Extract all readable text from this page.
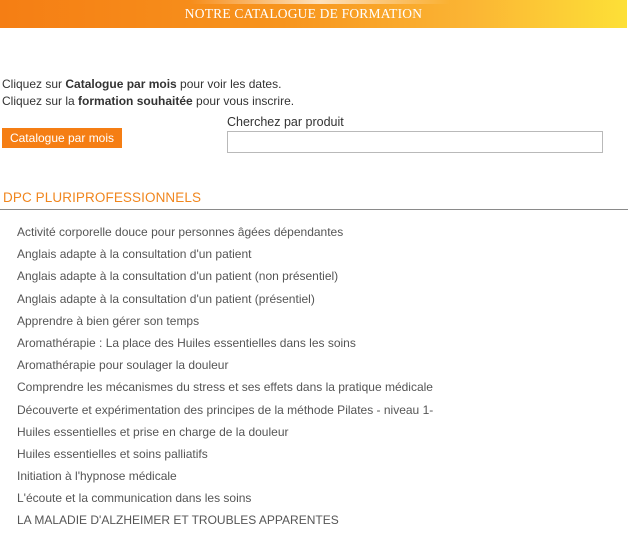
NOTRE CATALOGUE DE FORMATION
Cliquez sur Catalogue par mois pour voir les dates.
Cliquez sur la formation souhaitée pour vous inscrire.
Catalogue par mois
Cherchez par produit
DPC PLURIPROFESSIONNELS
Activité corporelle douce pour personnes âgées dépendantes
Anglais adapte à la consultation d'un patient
Anglais adapte à la consultation d'un patient (non présentiel)
Anglais adapte à la consultation d'un patient (présentiel)
Apprendre à bien gérer son temps
Aromathérapie : La place des Huiles essentielles dans les soins
Aromathérapie pour soulager la douleur
Comprendre les mécanismes du stress et ses effets dans la pratique médicale
Découverte et expérimentation des principes de la méthode Pilates - niveau 1-
Huiles essentielles et prise en charge de la douleur
Huiles essentielles et soins palliatifs
Initiation à l'hypnose médicale
L'écoute et la communication dans les soins
LA MALADIE D'ALZHEIMER ET TROUBLES APPARENTES
